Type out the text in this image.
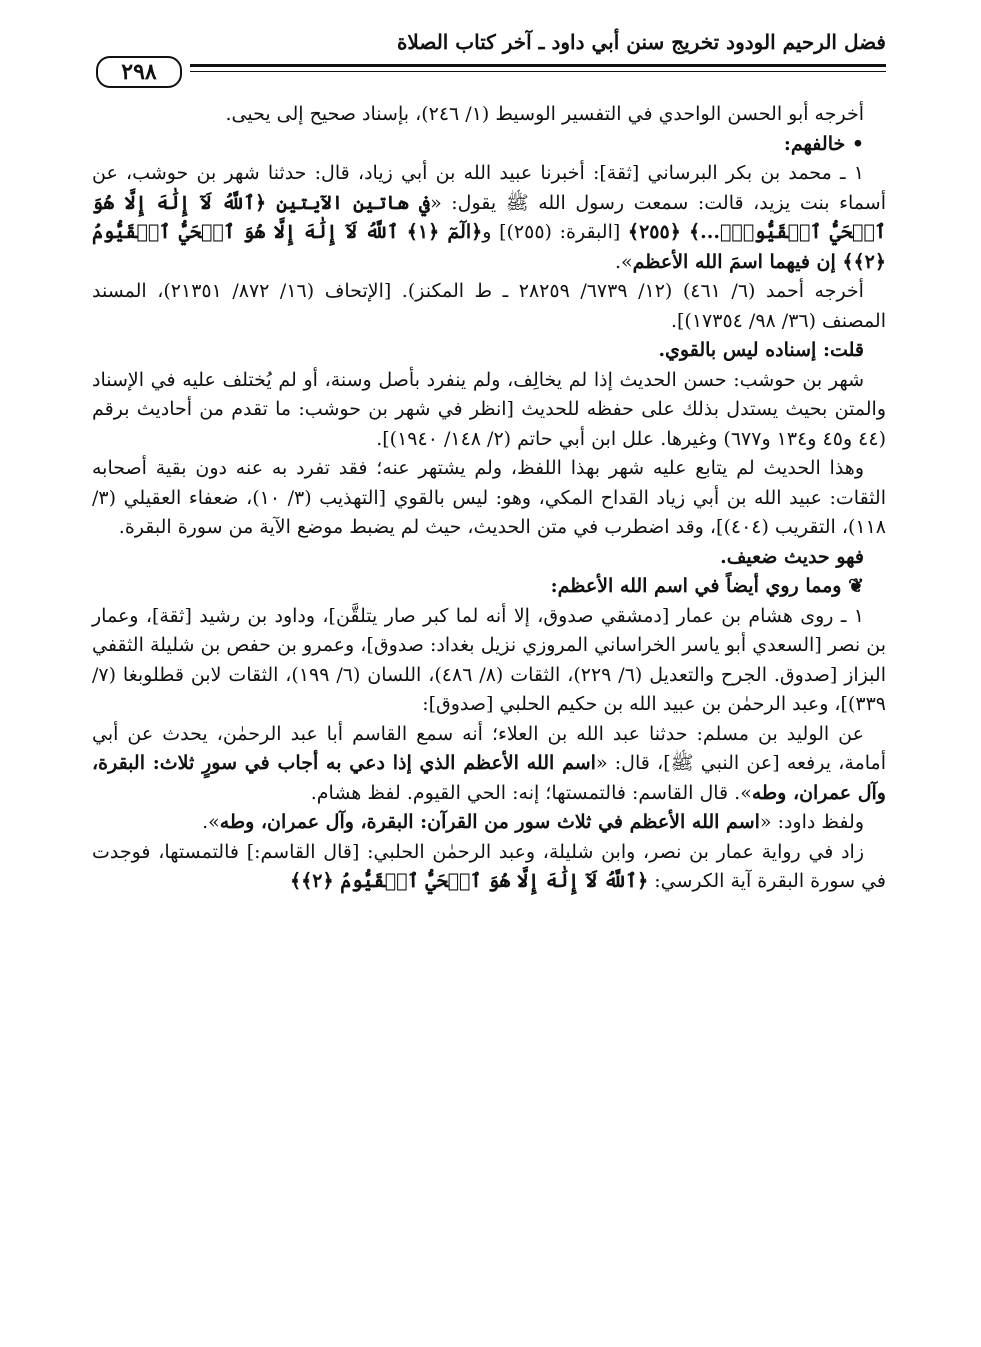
فضل الرحيم الودود تخريج سنن أبي داود ـ آخر كتاب الصلاة
٢٩٨

أخرجه أبو الحسن الواحدي في التفسير الوسيط (١/ ٢٤٦)، بإسناد صحيح إلى يحيى.

• خالفهم:

١ ـ محمد بن بكر البرساني [ثقة]: أخبرنا عبيد الله بن أبي زياد، قال: حدثنا شهر بن حوشب، عن أسماء بنت يزيد، قالت: سمعت رسول الله ﷺ يقول: «في هاتين الآيتين ﴿ٱللَّهُ لَآ إِلَٰهَ إِلَّا هُوَ ٱلۡحَيُّ ٱلۡقَيُّومُۚ...﴾ ﴿٢٥٥﴾ [البقرة: (٢٥٥)] و﴿الٓمٓ ﴿١﴾ ٱللَّهُ لَآ إِلَٰهَ إِلَّا هُوَ ٱلۡحَيُّ ٱلۡقَيُّومُ ﴿٢﴾﴾ إن فيهما اسمَ الله الأعظم».

أخرجه أحمد (٦/ ٤٦١) (١٢/ ٦٧٣٩/ ٢٨٢٥٩ ـ ط المكنز). [الإتحاف (١٦/ ٨٧٢/ ٢١٣٥١)، المسند المصنف (٣٦/ ٩٨/ ١٧٣٥٤)].

قلت: إسناده ليس بالقوي.

شهر بن حوشب: حسن الحديث إذا لم يخالِف، ولم ينفرد بأصل وسنة، أو لم يُختلف عليه في الإسناد والمتن بحيث يستدل بذلك على حفظه للحديث [انظر في شهر بن حوشب: ما تقدم من أحاديث برقم (٤٤ و٤٥ و١٣٤ و٦٧٧) وغيرها. علل ابن أبي حاتم (٢/ ١٤٨/ ١٩٤٠)].

وهذا الحديث لم يتابع عليه شهر بهذا اللفظ، ولم يشتهر عنه؛ فقد تفرد به عنه دون بقية أصحابه الثقات: عبيد الله بن أبي زياد القداح المكي، وهو: ليس بالقوي [التهذيب (٣/ ١٠)، ضعفاء العقيلي (٣/ ١١٨)، التقريب (٤٠٤)]، وقد اضطرب في متن الحديث، حيث لم يضبط موضع الآية من سورة البقرة.

فهو حديث ضعيف.

❦ ومما روي أيضاً في اسم الله الأعظم:

١ ـ روى هشام بن عمار [دمشقي صدوق، إلا أنه لما كبر صار يتلقَّن]، وداود بن رشيد [ثقة]، وعمار بن نصر [السعدي أبو ياسر الخراساني المروزي نزيل بغداد: صدوق]، وعمرو بن حفص بن شليلة الثقفي البزاز [صدوق. الجرح والتعديل (٦/ ٢٢٩)، الثقات (٨/ ٤٨٦)، اللسان (٦/ ١٩٩)، الثقات لابن قطلوبغا (٧/ ٣٣٩)]، وعبد الرحمٰن بن عبيد الله بن حكيم الحلبي [صدوق]:

عن الوليد بن مسلم: حدثنا عبد الله بن العلاء؛ أنه سمع القاسم أبا عبد الرحمٰن، يحدث عن أبي أمامة، يرفعه [عن النبي ﷺ]، قال: «اسم الله الأعظم الذي إذا دعي به أجاب في سورٍ ثلاث: البقرة، وآل عمران، وطه». قال القاسم: فالتمستها؛ إنه: الحي القيوم. لفظ هشام.

ولفظ داود: «اسم الله الأعظم في ثلاث سور من القرآن: البقرة، وآل عمران، وطه».

زاد في رواية عمار بن نصر، وابن شليلة، وعبد الرحمٰن الحلبي: [قال القاسم:] فالتمستها، فوجدت في سورة البقرة آية الكرسي: ﴿ٱللَّهُ لَآ إِلَٰهَ إِلَّا هُوَ ٱلۡحَيُّ ٱلۡقَيُّومُ ﴿٢﴾﴾
